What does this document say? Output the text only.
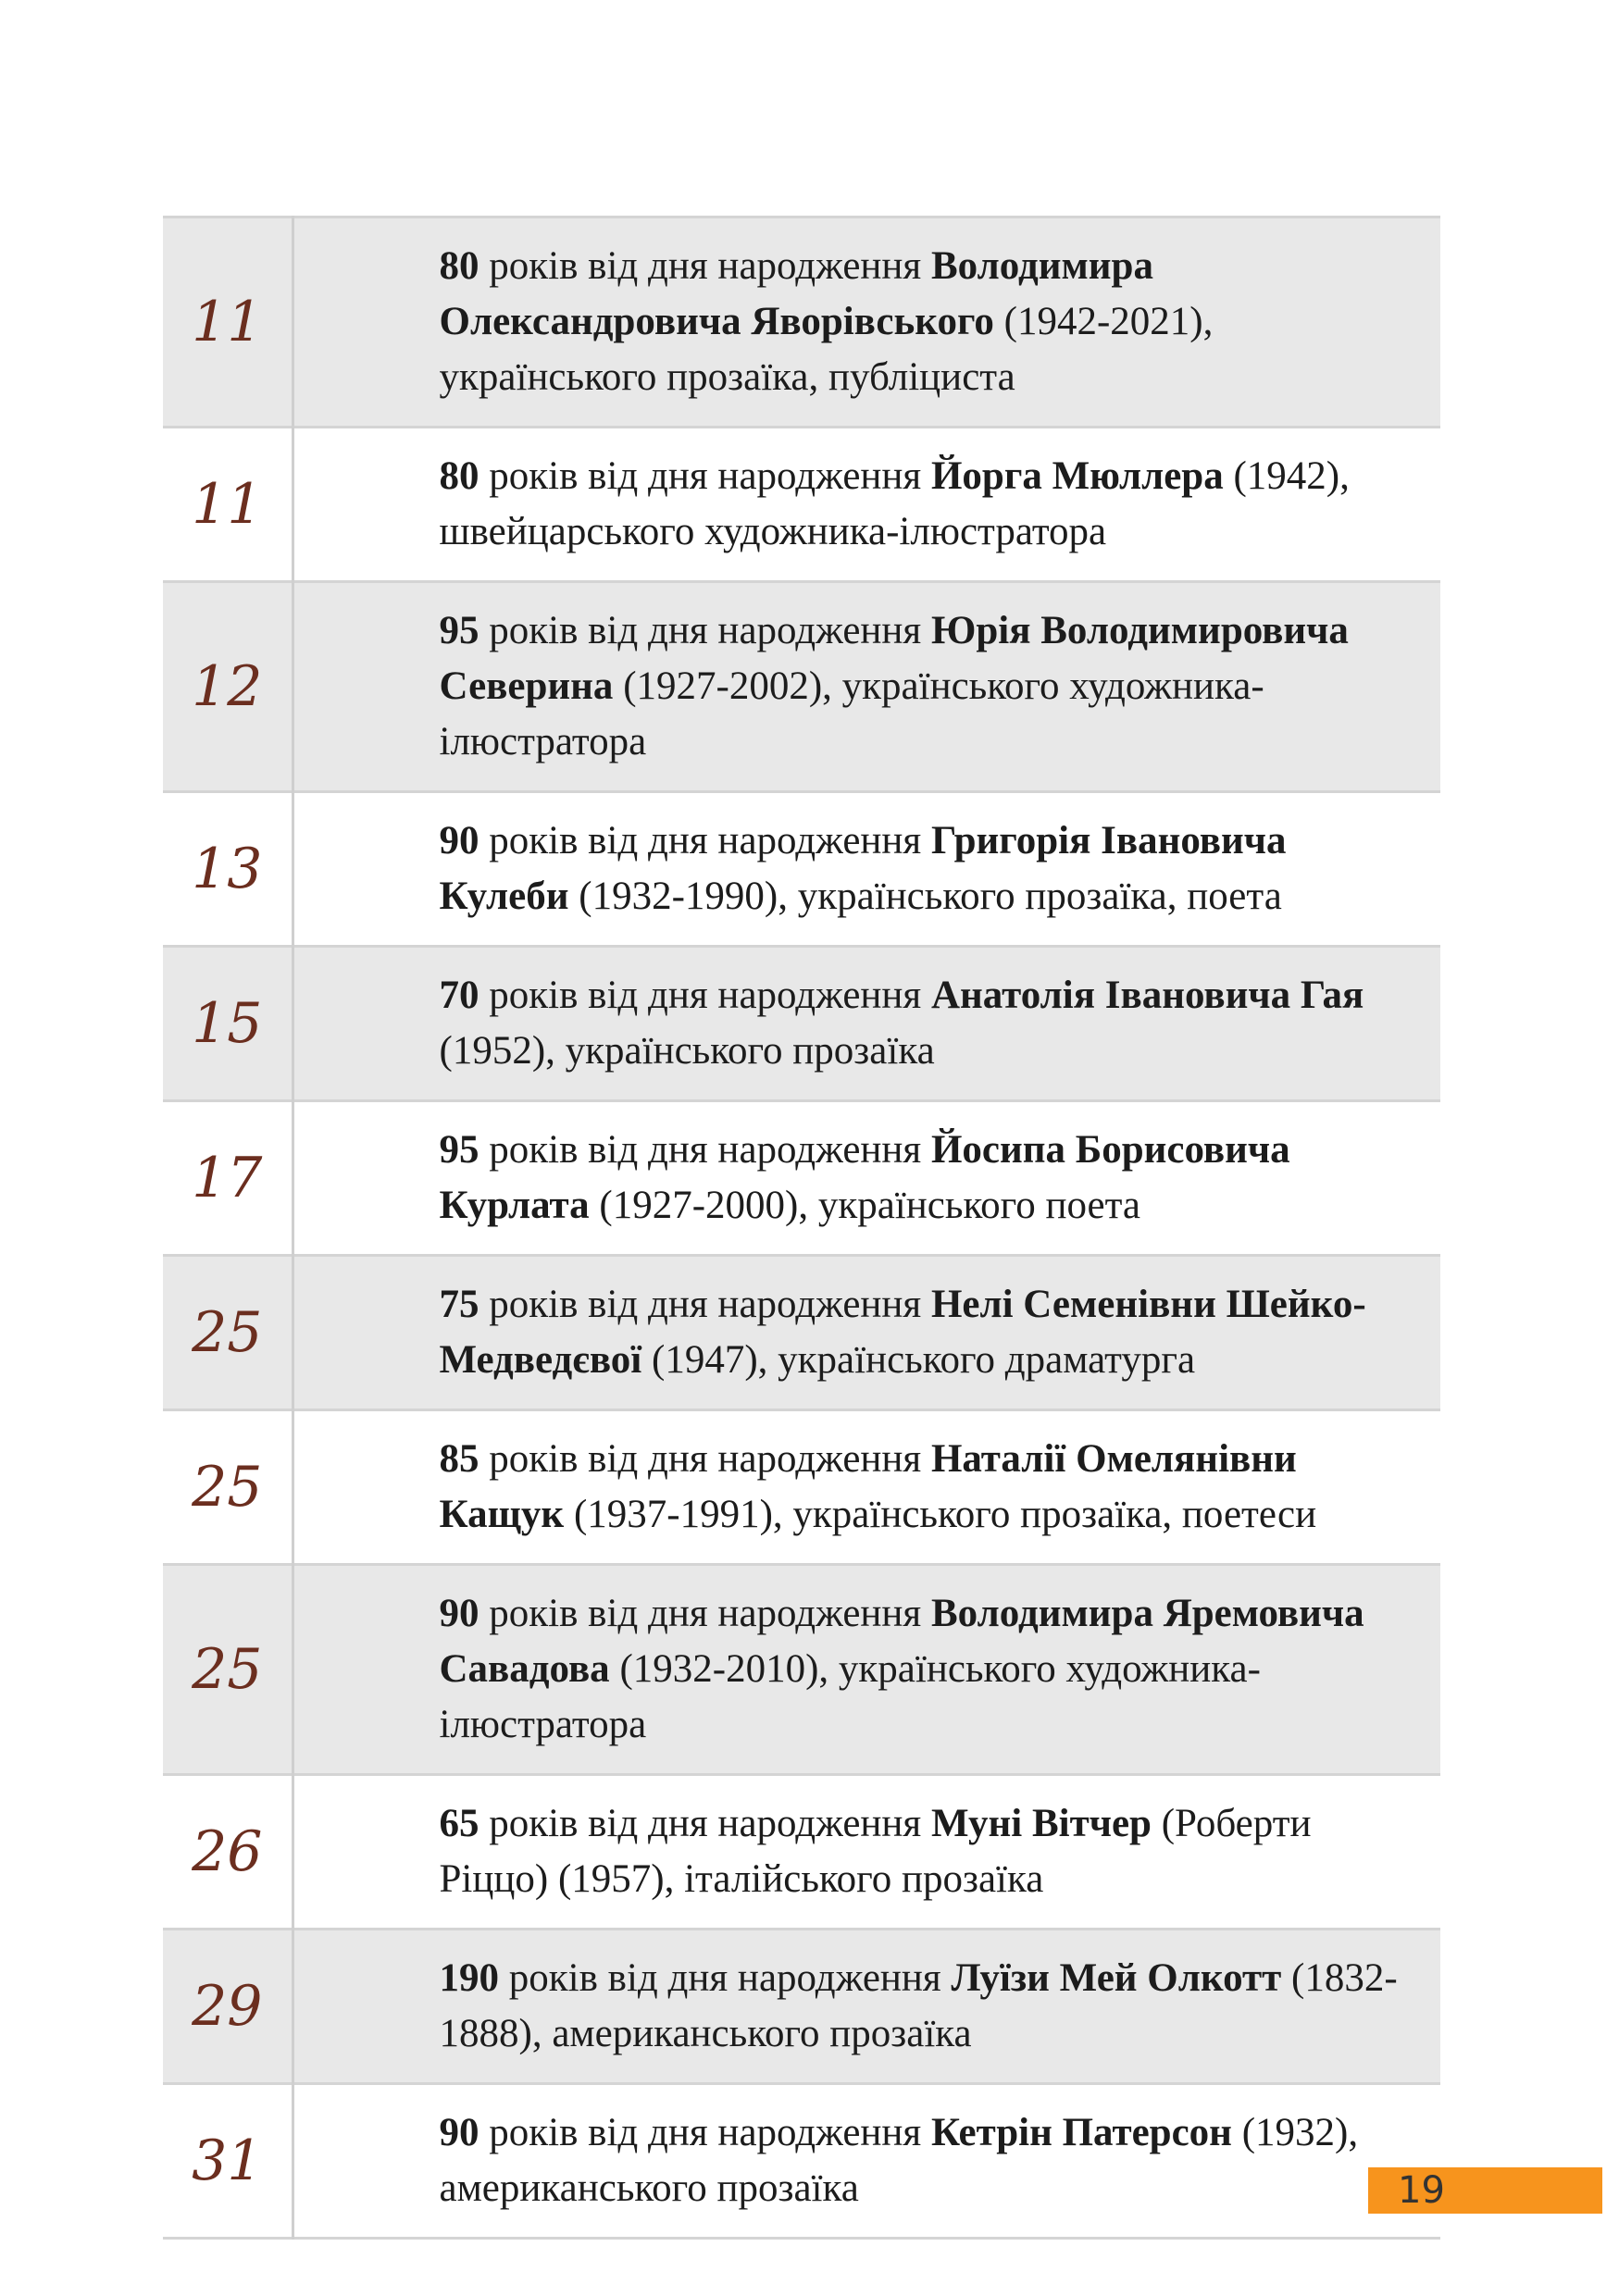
11	80 років від дня народження Володимира Олександровича Яворівського (1942-2021), українського прозаїка, публіциста
11	80 років від дня народження Йорга Мюллера (1942), швейцарського художника-ілюстратора
12	95 років від дня народження Юрія Володимировича Северина (1927-2002), українського художника-ілюстратора
13	90 років від дня народження Григорія Івановича Кулеби (1932-1990), українського прозаїка, поета
15	70 років від дня народження Анатолія Івановича Гая (1952), українського прозаїка
17	95 років від дня народження Йосипа Борисовича Курлата (1927-2000), українського поета
25	75 років від дня народження Нелі Семенівни Шейко-Медведєвої (1947), українського драматурга
25	85 років від дня народження Наталії Омелянівни Кащук (1937-1991), українського прозаїка, поетеси
25	90 років від дня народження Володимира Яремовича Савадова (1932-2010), українського художника-ілюстратора
26	65 років від дня народження Муні Вітчер (Роберти Ріццо) (1957), італійського прозаїка
29	190 років від дня народження Луїзи Мей Олкотт (1832-1888), американського прозаїка
31	90 років від дня народження Кетрін Патерсон (1932), американського прозаїка	19
